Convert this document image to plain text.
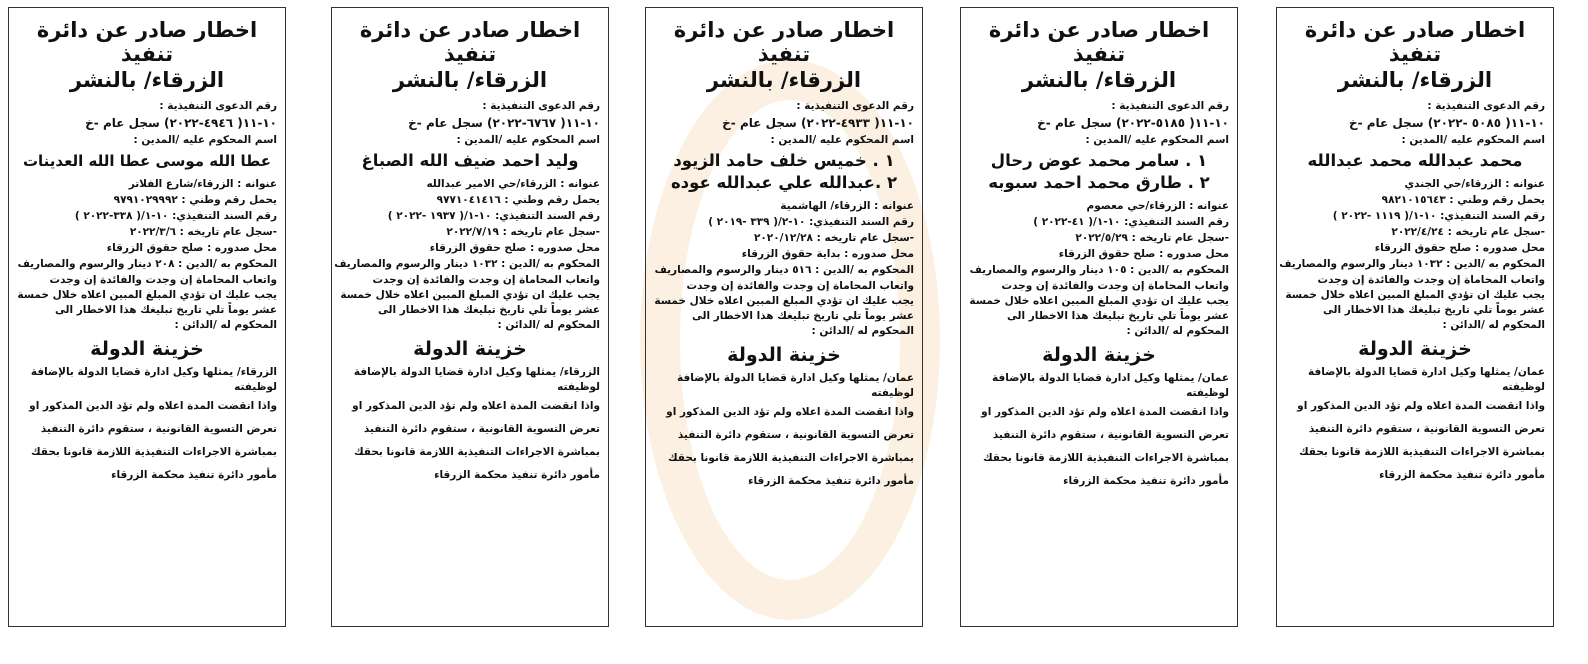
اخطار صادر عن دائرة تنفيذ
الزرقاء/ بالنشر
رقم الدعوى التنفيذية :
١٠-١١( ٥٠٨٥ -٢٠٢٢) سجل عام -خ
اسم المحكوم عليه /المدين :
محمد عبدالله محمد عبدالله
عنوانه : الزرقاء/حي الجندي
يحمل رقم وطني : ٩٨٢١٠١٥٦٤٣
رقم السند التنفيذي: ١٠-١/( ١١١٩ -٢٠٢٢ )
-سجل عام تاريخه : ٢٠٢٢/٤/٢٤
محل صدوره : صلح حقوق الزرقاء
المحكوم به /الدين : ١٠٣٢ دينار والرسوم والمصاريف
واتعاب المحاماة إن وجدت والفائدة إن وجدت
يجب عليك ان تؤدي المبلغ المبين اعلاه خلال خمسة عشر يوماً تلي تاريخ تبليغك هذا الاخطار الى المحكوم له /الدائن :
خزينة الدولة
عمان/ يمثلها وكيل ادارة قضايا الدولة بالإضافة لوظيفته
واذا انقضت المدة اعلاه ولم تؤد الدين المذكور او
تعرض التسوية القانونية ، ستقوم دائرة التنفيذ
بمباشرة الاجراءات التنفيذية اللازمة قانونا بحقك
مأمور دائرة تنفيذ محكمة الزرقاء
اخطار صادر عن دائرة تنفيذ
الزرقاء/ بالنشر
رقم الدعوى التنفيذية :
١٠-١١( ٥١٨٥-٢٠٢٢) سجل عام -خ
اسم المحكوم عليه /المدين :
١ . سامر محمد عوض رحال
٢ . طارق محمد احمد سبوبه
عنوانه : الزرقاء/حي معصوم
رقم السند التنفيذي: ١٠-١/( ٤١-٢٠٢٢ )
-سجل عام تاريخه : ٢٠٢٢/٥/٢٩
محل صدوره : صلح حقوق الزرقاء
المحكوم به /الدين : ١٠٥ دينار والرسوم والمصاريف
واتعاب المحاماة إن وجدت والفائدة إن وجدت
يجب عليك ان تؤدي المبلغ المبين اعلاه خلال خمسة عشر يوماً تلي تاريخ تبليغك هذا الاخطار الى المحكوم له /الدائن :
خزينة الدولة
عمان/ يمثلها وكيل ادارة قضايا الدولة بالإضافة لوظيفته
واذا انقضت المدة اعلاه ولم تؤد الدين المذكور او
تعرض التسوية القانونية ، ستقوم دائرة التنفيذ
بمباشرة الاجراءات التنفيذية اللازمة قانونا بحقك
مأمور دائرة تنفيذ محكمة الزرقاء
اخطار صادر عن دائرة تنفيذ
الزرقاء/ بالنشر
رقم الدعوى التنفيذية :
١٠-١١( ٤٩٣٣-٢٠٢٢) سجل عام -خ
اسم المحكوم عليه /المدين :
١ . خميس خلف حامد الزيود
٢ .عبدالله علي عبدالله عوده
عنوانه : الزرقاء/ الهاشمية
رقم السند التنفيذي: ١٠-٢/( ٣٣٩ -٢٠١٩ )
-سجل عام تاريخه : ٢٠٢٠/١٢/٢٨
محل صدوره : بداية حقوق الزرقاء
المحكوم به /الدين : ٥١٦ دينار والرسوم والمصاريف
واتعاب المحاماة إن وجدت والفائدة إن وجدت
يجب عليك ان تؤدي المبلغ المبين اعلاه خلال خمسة عشر يوماً تلي تاريخ تبليغك هذا الاخطار الى المحكوم له /الدائن :
خزينة الدولة
عمان/ يمثلها وكيل ادارة قضايا الدولة بالإضافة لوظيفته
واذا انقضت المدة اعلاه ولم تؤد الدين المذكور او
تعرض التسوية القانونية ، ستقوم دائرة التنفيذ
بمباشرة الاجراءات التنفيذية اللازمة قانونا بحقك
مأمور دائرة تنفيذ محكمة الزرقاء
اخطار صادر عن دائرة تنفيذ
الزرقاء/ بالنشر
رقم الدعوى التنفيذية :
١٠-١١( ٦٧٦٧-٢٠٢٢) سجل عام -خ
اسم المحكوم عليه /المدين :
وليد احمد ضيف الله الصباغ
عنوانه : الزرقاء/حي الامير عبدالله
يحمل رقم وطني : ٩٧٧١٠٤١٤١٦
رقم السند التنفيذي: ١٠-١/( ١٩٣٧ -٢٠٢٢ )
-سجل عام تاريخه : ٢٠٢٢/٧/١٩
محل صدوره : صلح حقوق الزرقاء
المحكوم به /الدين : ١٠٣٢ دينار والرسوم والمصاريف
واتعاب المحاماة إن وجدت والفائدة إن وجدت
يجب عليك ان تؤدي المبلغ المبين اعلاه خلال خمسة عشر يوماً تلي تاريخ تبليغك هذا الاخطار الى المحكوم له /الدائن :
خزينة الدولة
الزرقاء/ يمثلها وكيل ادارة قضايا الدولة بالإضافة لوظيفته
واذا انقضت المدة اعلاه ولم تؤد الدين المذكور او
تعرض التسوية القانونية ، ستقوم دائرة التنفيذ
بمباشرة الاجراءات التنفيذية اللازمة قانونا بحقك
مأمور دائرة تنفيذ محكمة الزرقاء
اخطار صادر عن دائرة تنفيذ
الزرقاء/ بالنشر
رقم الدعوى التنفيذية :
١٠-١١( ٤٩٤٦-٢٠٢٢) سجل عام -خ
اسم المحكوم عليه /المدين :
عطا الله موسى عطا الله العدينات
عنوانه : الزرقاء/شارع الفلاتر
يحمل رقم وطني : ٩٧٩١٠٢٩٩٩٢
رقم السند التنفيذي: ١٠-١/( ٣٣٨-٢٠٢٢ )
-سجل عام تاريخه : ٢٠٢٢/٣/٦
محل صدوره : صلح حقوق الزرقاء
المحكوم به /الدين : ٢٠٨ دينار والرسوم والمصاريف
واتعاب المحاماة إن وجدت والفائدة إن وجدت
يجب عليك ان تؤدي المبلغ المبين اعلاه خلال خمسة عشر يوماً تلي تاريخ تبليغك هذا الاخطار الى المحكوم له /الدائن :
خزينة الدولة
الزرقاء/ يمثلها وكيل ادارة قضايا الدولة بالإضافة لوظيفته
واذا انقضت المدة اعلاه ولم تؤد الدين المذكور او
تعرض التسوية القانونية ، ستقوم دائرة التنفيذ
بمباشرة الاجراءات التنفيذية اللازمة قانونا بحقك
مأمور دائرة تنفيذ محكمة الزرقاء
